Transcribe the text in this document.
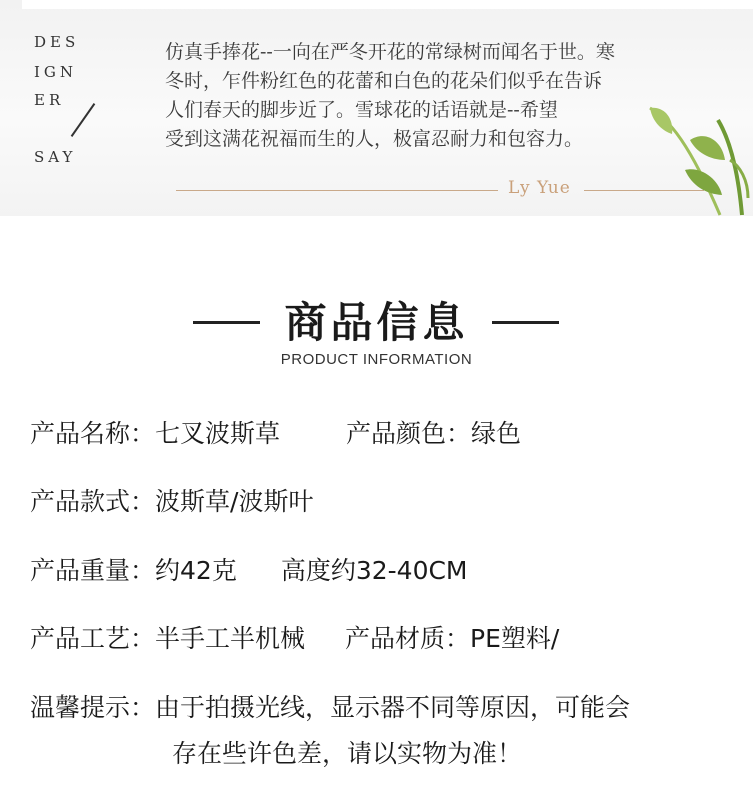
DES
IGN
ER
SAY
仿真手捧花--一向在严冬开花的常绿树而闻名于世。寒
冬时，乍件粉红色的花蕾和白色的花朵们似乎在告诉
人们春天的脚步近了。雪球花的话语就是--希望
受到这满花祝福而生的人，极富忍耐力和包容力。
Ly Yue
商品信息
PRODUCT INFORMATION
产品名称：七叉波斯草	产品颜色：绿色
产品款式：波斯草/波斯叶
产品重量：约42克 高度约32-40CM
产品工艺：半手工半机械 产品材质：PE塑料/
温馨提示：由于拍摄光线，显示器不同等原因，可能会
存在些许色差，请以实物为准！
